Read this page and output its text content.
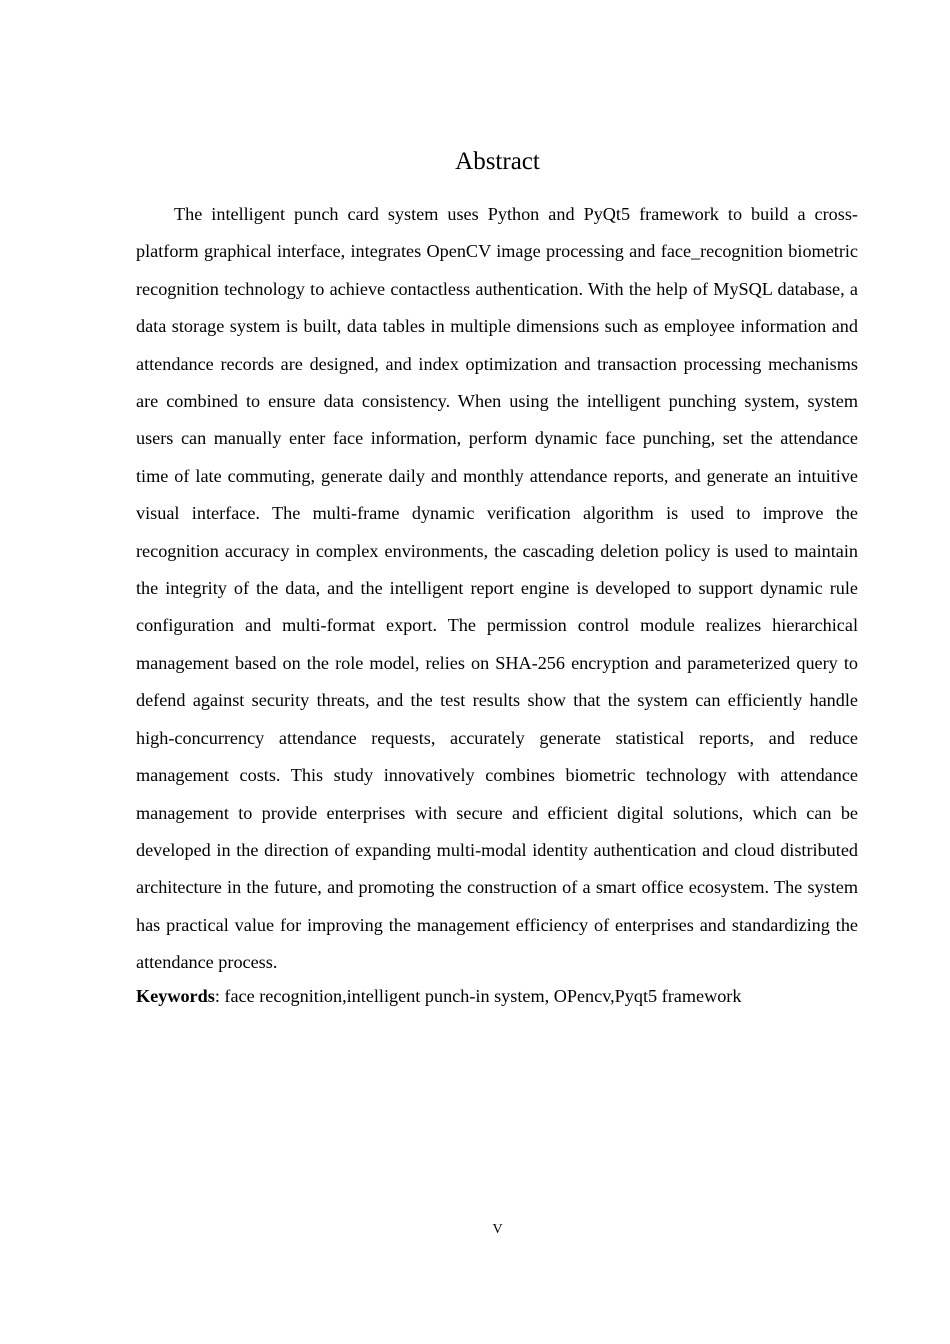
Abstract

The intelligent punch card system uses Python and PyQt5 framework to build a cross-platform graphical interface, integrates OpenCV image processing and face_recognition biometric recognition technology to achieve contactless authentication. With the help of MySQL database, a data storage system is built, data tables in multiple dimensions such as employee information and attendance records are designed, and index optimization and transaction processing mechanisms are combined to ensure data consistency. When using the intelligent punching system, system users can manually enter face information, perform dynamic face punching, set the attendance time of late commuting, generate daily and monthly attendance reports, and generate an intuitive visual interface. The multi-frame dynamic verification algorithm is used to improve the recognition accuracy in complex environments, the cascading deletion policy is used to maintain the integrity of the data, and the intelligent report engine is developed to support dynamic rule configuration and multi-format export. The permission control module realizes hierarchical management based on the role model, relies on SHA-256 encryption and parameterized query to defend against security threats, and the test results show that the system can efficiently handle high-concurrency attendance requests, accurately generate statistical reports, and reduce management costs. This study innovatively combines biometric technology with attendance management to provide enterprises with secure and efficient digital solutions, which can be developed in the direction of expanding multi-modal identity authentication and cloud distributed architecture in the future, and promoting the construction of a smart office ecosystem. The system has practical value for improving the management efficiency of enterprises and standardizing the attendance process.

Keywords: face recognition,intelligent punch-in system, OPencv,Pyqt5 framework

V
